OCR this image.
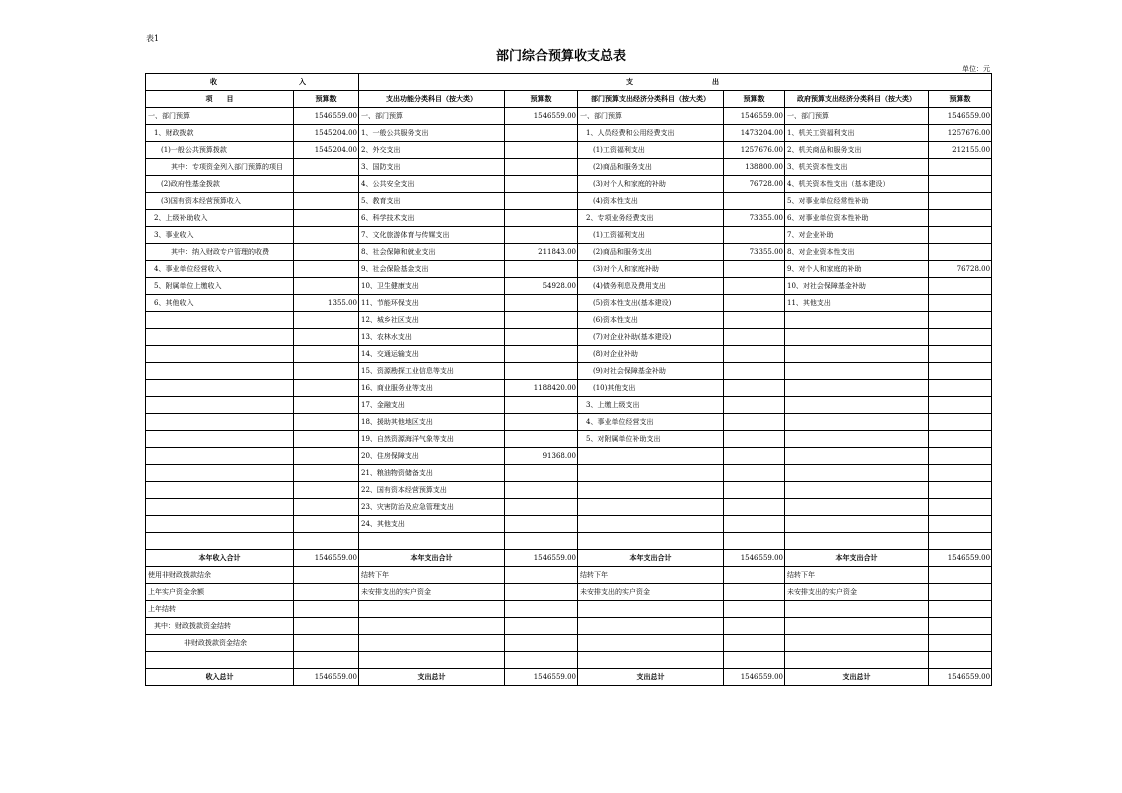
表1
部门综合预算收支总表
单位：元
收 入		支 出					

项　　目	预算数	支出功能分类科目（按大类）	预算数	部门预算支出经济分类科目（按大类）	预算数	政府预算支出经济分类科目（按大类）	预算数
一、部门预算	1546559.00	一、部门预算	1546559.00	一、部门预算	1546559.00	一、部门预算	1546559.00
1、财政拨款	1545204.00	1、一般公共服务支出		1、人员经费和公用经费支出	1473204.00	1、机关工资福利支出	1257676.00
(1)一般公共预算拨款	1545204.00	2、外交支出		(1)工资福利支出	1257676.00	2、机关商品和服务支出	212155.00
其中：专项资金列入部门预算的项目		3、国防支出		(2)商品和服务支出	138800.00	3、机关资本性支出	
(2)政府性基金拨款		4、公共安全支出		(3)对个人和家庭的补助	76728.00	4、机关资本性支出（基本建设）	
(3)国有资本经营预算收入		5、教育支出		(4)资本性支出		5、对事业单位经常性补助	
2、上级补助收入		6、科学技术支出		2、专项业务经费支出	73355.00	6、对事业单位资本性补助	
3、事业收入		7、文化旅游体育与传媒支出		(1)工资福利支出		7、对企业补助	
其中：纳入财政专户管理的收费		8、社会保障和就业支出	211843.00	(2)商品和服务支出	73355.00	8、对企业资本性支出	
4、事业单位经营收入		9、社会保险基金支出		(3)对个人和家庭补助		9、对个人和家庭的补助	76728.00
5、附属单位上缴收入		10、卫生健康支出	54928.00	(4)债务利息及费用支出		10、对社会保障基金补助	
6、其他收入	1355.00	11、节能环保支出		(5)资本性支出(基本建设)		11、其他支出	
		12、城乡社区支出		(6)资本性支出			
		13、农林水支出		(7)对企业补助(基本建设)			
		14、交通运输支出		(8)对企业补助			
		15、资源勘探工业信息等支出		(9)对社会保障基金补助			
		16、商业服务业等支出	1188420.00	(10)其他支出			
		17、金融支出		3、上缴上级支出			
		18、援助其他地区支出		4、事业单位经营支出			
		19、自然资源海洋气象等支出		5、对附属单位补助支出			
		20、住房保障支出	91368.00				
		21、粮油物资储备支出					
		22、国有资本经营预算支出					
		23、灾害防治及应急管理支出					
		24、其他支出					

本年收入合计	1546559.00	本年支出合计	1546559.00	本年支出合计	1546559.00	本年支出合计	1546559.00
使用非财政拨款结余		结转下年		结转下年		结转下年	
上年实户资金余额		未安排支出的实户资金		未安排支出的实户资金		未安排支出的实户资金	
上年结转							
其中：财政拨款资金结转							
非财政拨款资金结余							

收入总计	1546559.00	支出总计	1546559.00	支出总计	1546559.00	支出总计	1546559.00
